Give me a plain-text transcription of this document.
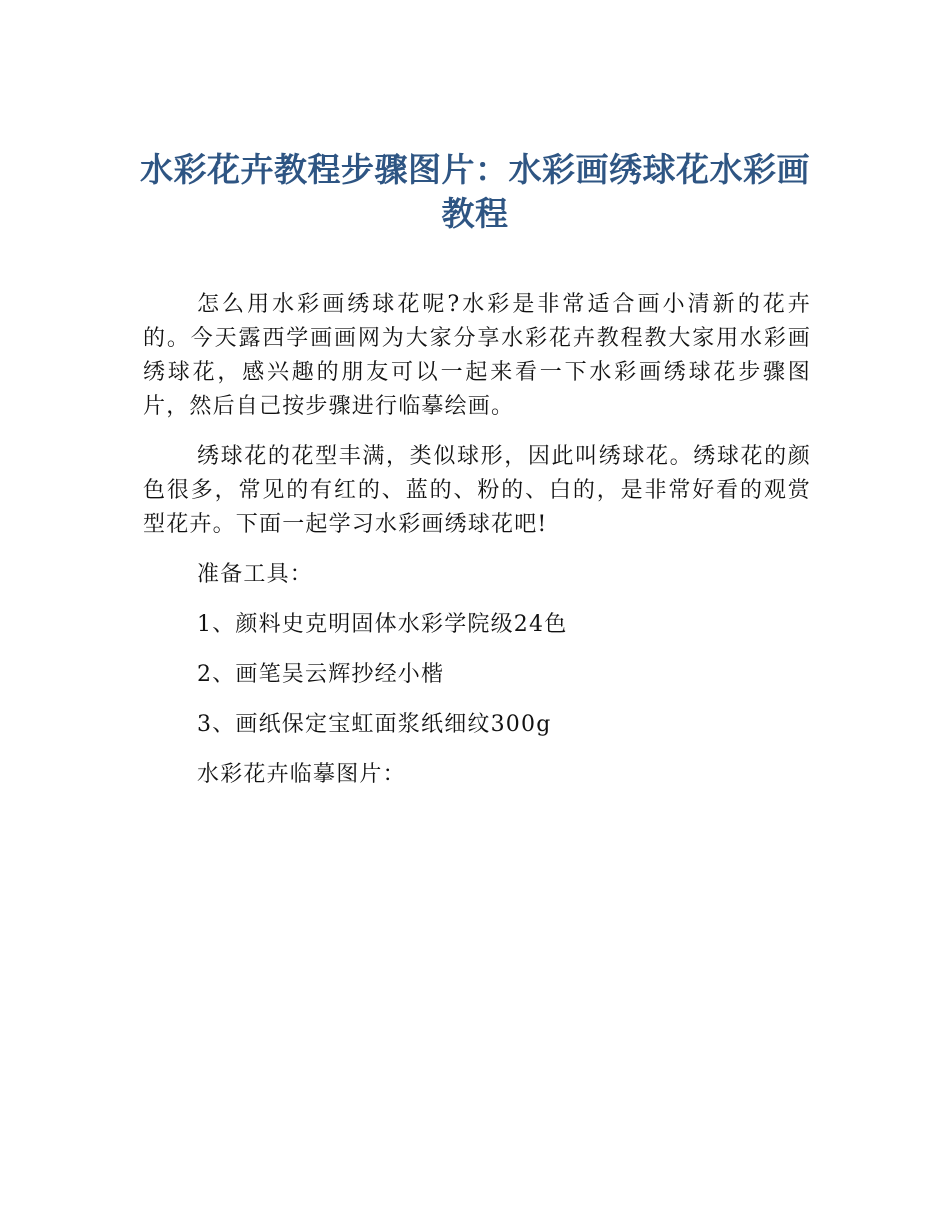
水彩花卉教程步骤图片：水彩画绣球花水彩画教程

怎么用水彩画绣球花呢?水彩是非常适合画小清新的花卉的。今天露西学画画网为大家分享水彩花卉教程教大家用水彩画绣球花，感兴趣的朋友可以一起来看一下水彩画绣球花步骤图片，然后自己按步骤进行临摹绘画。

绣球花的花型丰满，类似球形，因此叫绣球花。绣球花的颜色很多，常见的有红的、蓝的、粉的、白的，是非常好看的观赏型花卉。下面一起学习水彩画绣球花吧!

准备工具：

1、颜料史克明固体水彩学院级24色

2、画笔吴云辉抄经小楷

3、画纸保定宝虹面浆纸细纹300g

水彩花卉临摹图片：
